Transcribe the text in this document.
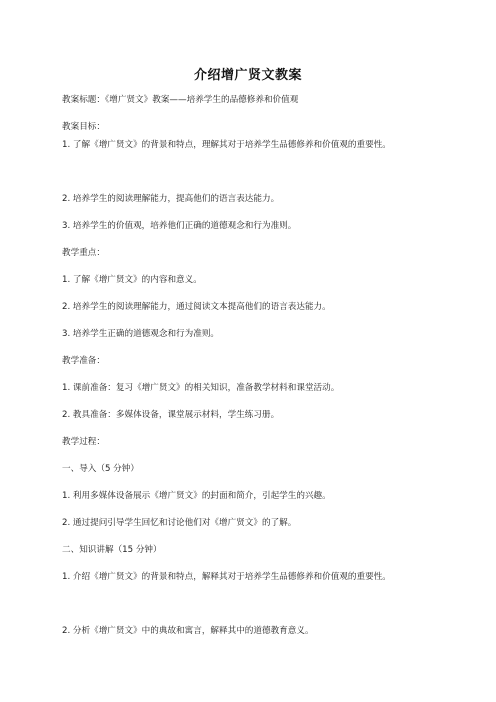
介绍增广贤文教案
教案标题：《增广贤文》教案——培养学生的品德修养和价值观
教案目标：
1. 了解《增广贤文》的背景和特点，理解其对于培养学生品德修养和价值观的重要性。
2. 培养学生的阅读理解能力，提高他们的语言表达能力。
3. 培养学生的价值观，培养他们正确的道德观念和行为准则。
教学重点：
1. 了解《增广贤文》的内容和意义。
2. 培养学生的阅读理解能力，通过阅读文本提高他们的语言表达能力。
3. 培养学生正确的道德观念和行为准则。
教学准备：
1. 课前准备：复习《增广贤文》的相关知识，准备教学材料和课堂活动。
2. 教具准备：多媒体设备，课堂展示材料，学生练习册。
教学过程：
一、导入（5 分钟）
1. 利用多媒体设备展示《增广贤文》的封面和简介，引起学生的兴趣。
2. 通过提问引导学生回忆和讨论他们对《增广贤文》的了解。
二、知识讲解（15 分钟）
1. 介绍《增广贤文》的背景和特点，解释其对于培养学生品德修养和价值观的重要性。
2. 分析《增广贤文》中的典故和寓言，解释其中的道德教育意义。
